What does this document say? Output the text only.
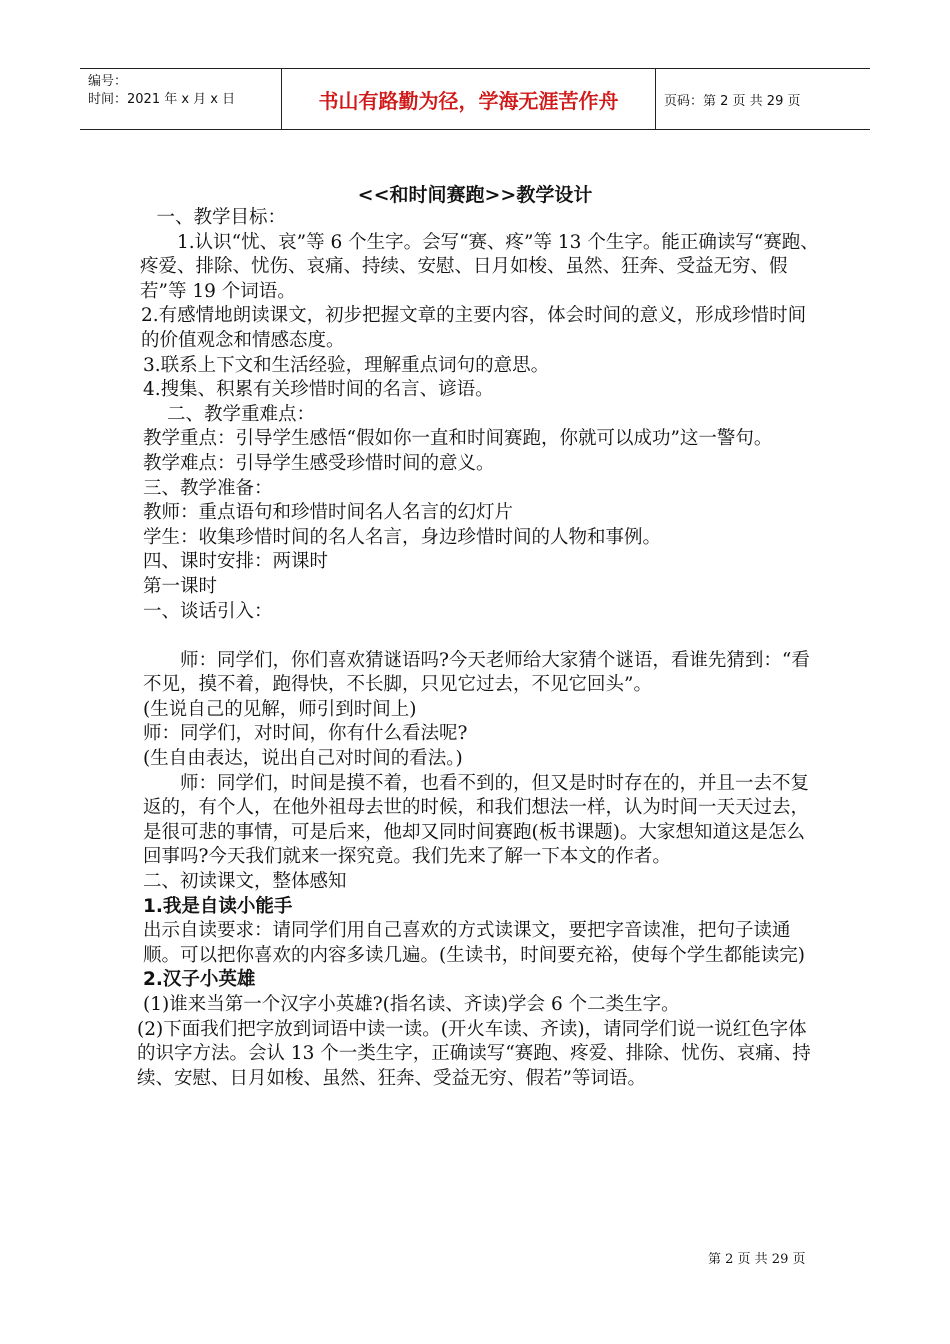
编号：
时间：2021 年 x 月 x 日	书山有路勤为径，学海无涯苦作舟	页码：第 2 页 共 29 页
<<和时间赛跑>>教学设计

　一、教学目标：

　　1.认识“忧、哀”等 6 个生字。会写“赛、疼”等 13 个生字。能正确读写“赛跑、疼爱、排除、忧伤、哀痛、持续、安慰、日月如梭、虽然、狂奔、受益无穷、假若”等 19 个词语。

2.有感情地朗读课文，初步把握文章的主要内容，体会时间的意义，形成珍惜时间的价值观念和情感态度。

3.联系上下文和生活经验，理解重点词句的意思。

4.搜集、积累有关珍惜时间的名言、谚语。

二、教学重难点：

教学重点：引导学生感悟“假如你一直和时间赛跑，你就可以成功”这一警句。

教学难点：引导学生感受珍惜时间的意义。

三、教学准备：

教师：重点语句和珍惜时间名人名言的幻灯片

学生：收集珍惜时间的名人名言，身边珍惜时间的人物和事例。

四、课时安排：两课时

第一课时

一、谈话引入：

　　师：同学们，你们喜欢猜谜语吗?今天老师给大家猜个谜语，看谁先猜到：“看不见，摸不着，跑得快，不长脚，只见它过去，不见它回头”。

(生说自己的见解，师引到时间上)

师：同学们，对时间，你有什么看法呢?

(生自由表达，说出自己对时间的看法。)

　　师：同学们，时间是摸不着，也看不到的，但又是时时存在的，并且一去不复返的，有个人，在他外祖母去世的时候，和我们想法一样，认为时间一天天过去，是很可悲的事情，可是后来，他却又同时间赛跑(板书课题)。大家想知道这是怎么回事吗?今天我们就来一探究竟。我们先来了解一下本文的作者。

二、初读课文，整体感知

1.我是自读小能手

出示自读要求：请同学们用自己喜欢的方式读课文，要把字音读准，把句子读通顺。可以把你喜欢的内容多读几遍。(生读书，时间要充裕，使每个学生都能读完)

2.汉子小英雄

(1)谁来当第一个汉字小英雄?(指名读、齐读)学会 6 个二类生字。

(2)下面我们把字放到词语中读一读。(开火车读、齐读)，请同学们说一说红色字体的识字方法。会认 13 个一类生字，正确读写“赛跑、疼爱、排除、忧伤、哀痛、持续、安慰、日月如梭、虽然、狂奔、受益无穷、假若”等词语。

第 2 页 共 29 页
